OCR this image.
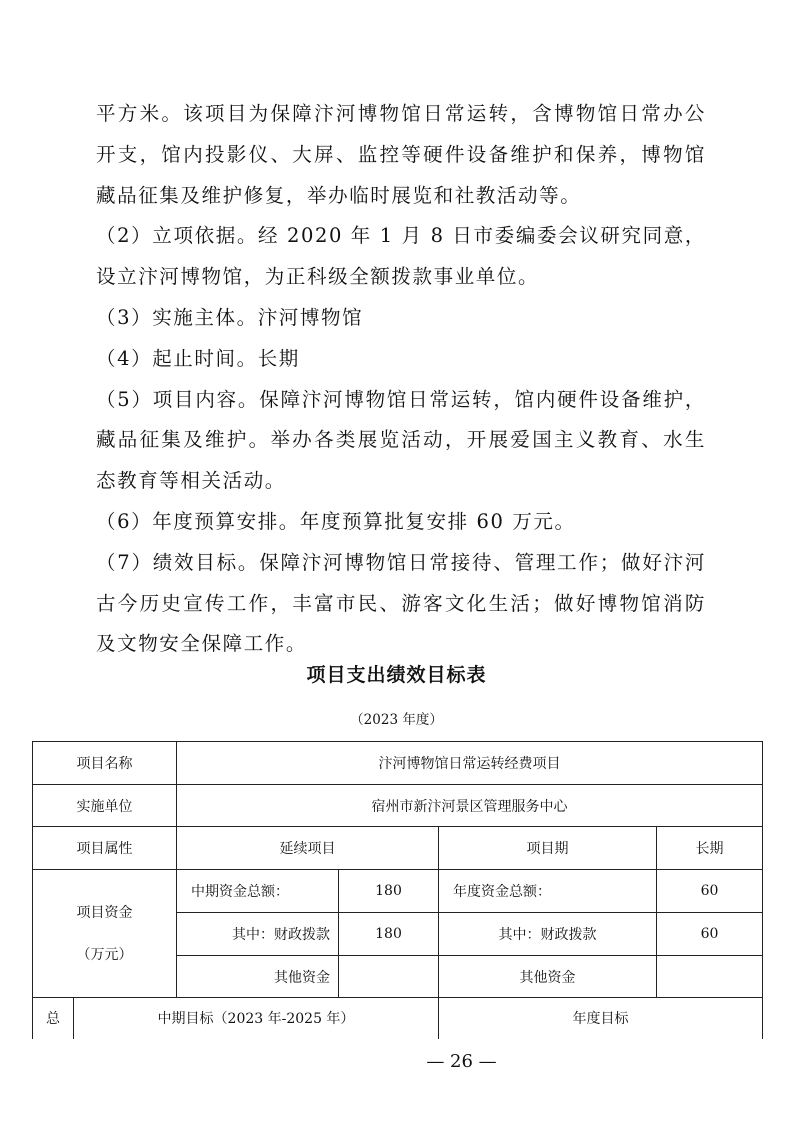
平方米。该项目为保障汴河博物馆日常运转，含博物馆日常办公开支，馆内投影仪、大屏、监控等硬件设备维护和保养，博物馆藏品征集及维护修复，举办临时展览和社教活动等。

（2）立项依据。经 2020 年 1 月 8 日市委编委会议研究同意，设立汴河博物馆，为正科级全额拨款事业单位。

（3）实施主体。汴河博物馆

（4）起止时间。长期

（5）项目内容。保障汴河博物馆日常运转，馆内硬件设备维护，藏品征集及维护。举办各类展览活动，开展爱国主义教育、水生态教育等相关活动。

（6）年度预算安排。年度预算批复安排 60 万元。

（7）绩效目标。保障汴河博物馆日常接待、管理工作；做好汴河古今历史宣传工作，丰富市民、游客文化生活；做好博物馆消防及文物安全保障工作。

项目支出绩效目标表
（2023 年度）
项目名称		汴河博物馆日常运转经费项目			
实施单位		宿州市新汴河景区管理服务中心			
项目属性		延续项目		项目期	长期

项目资金
（万元）		中期资金总额：	180	年度资金总额：	60
		其中：财政拨款	180	其中：财政拨款	60
		其他资金		其他资金	
总	中期目标（2023 年-2025 年）			年度目标	
— 26 —
